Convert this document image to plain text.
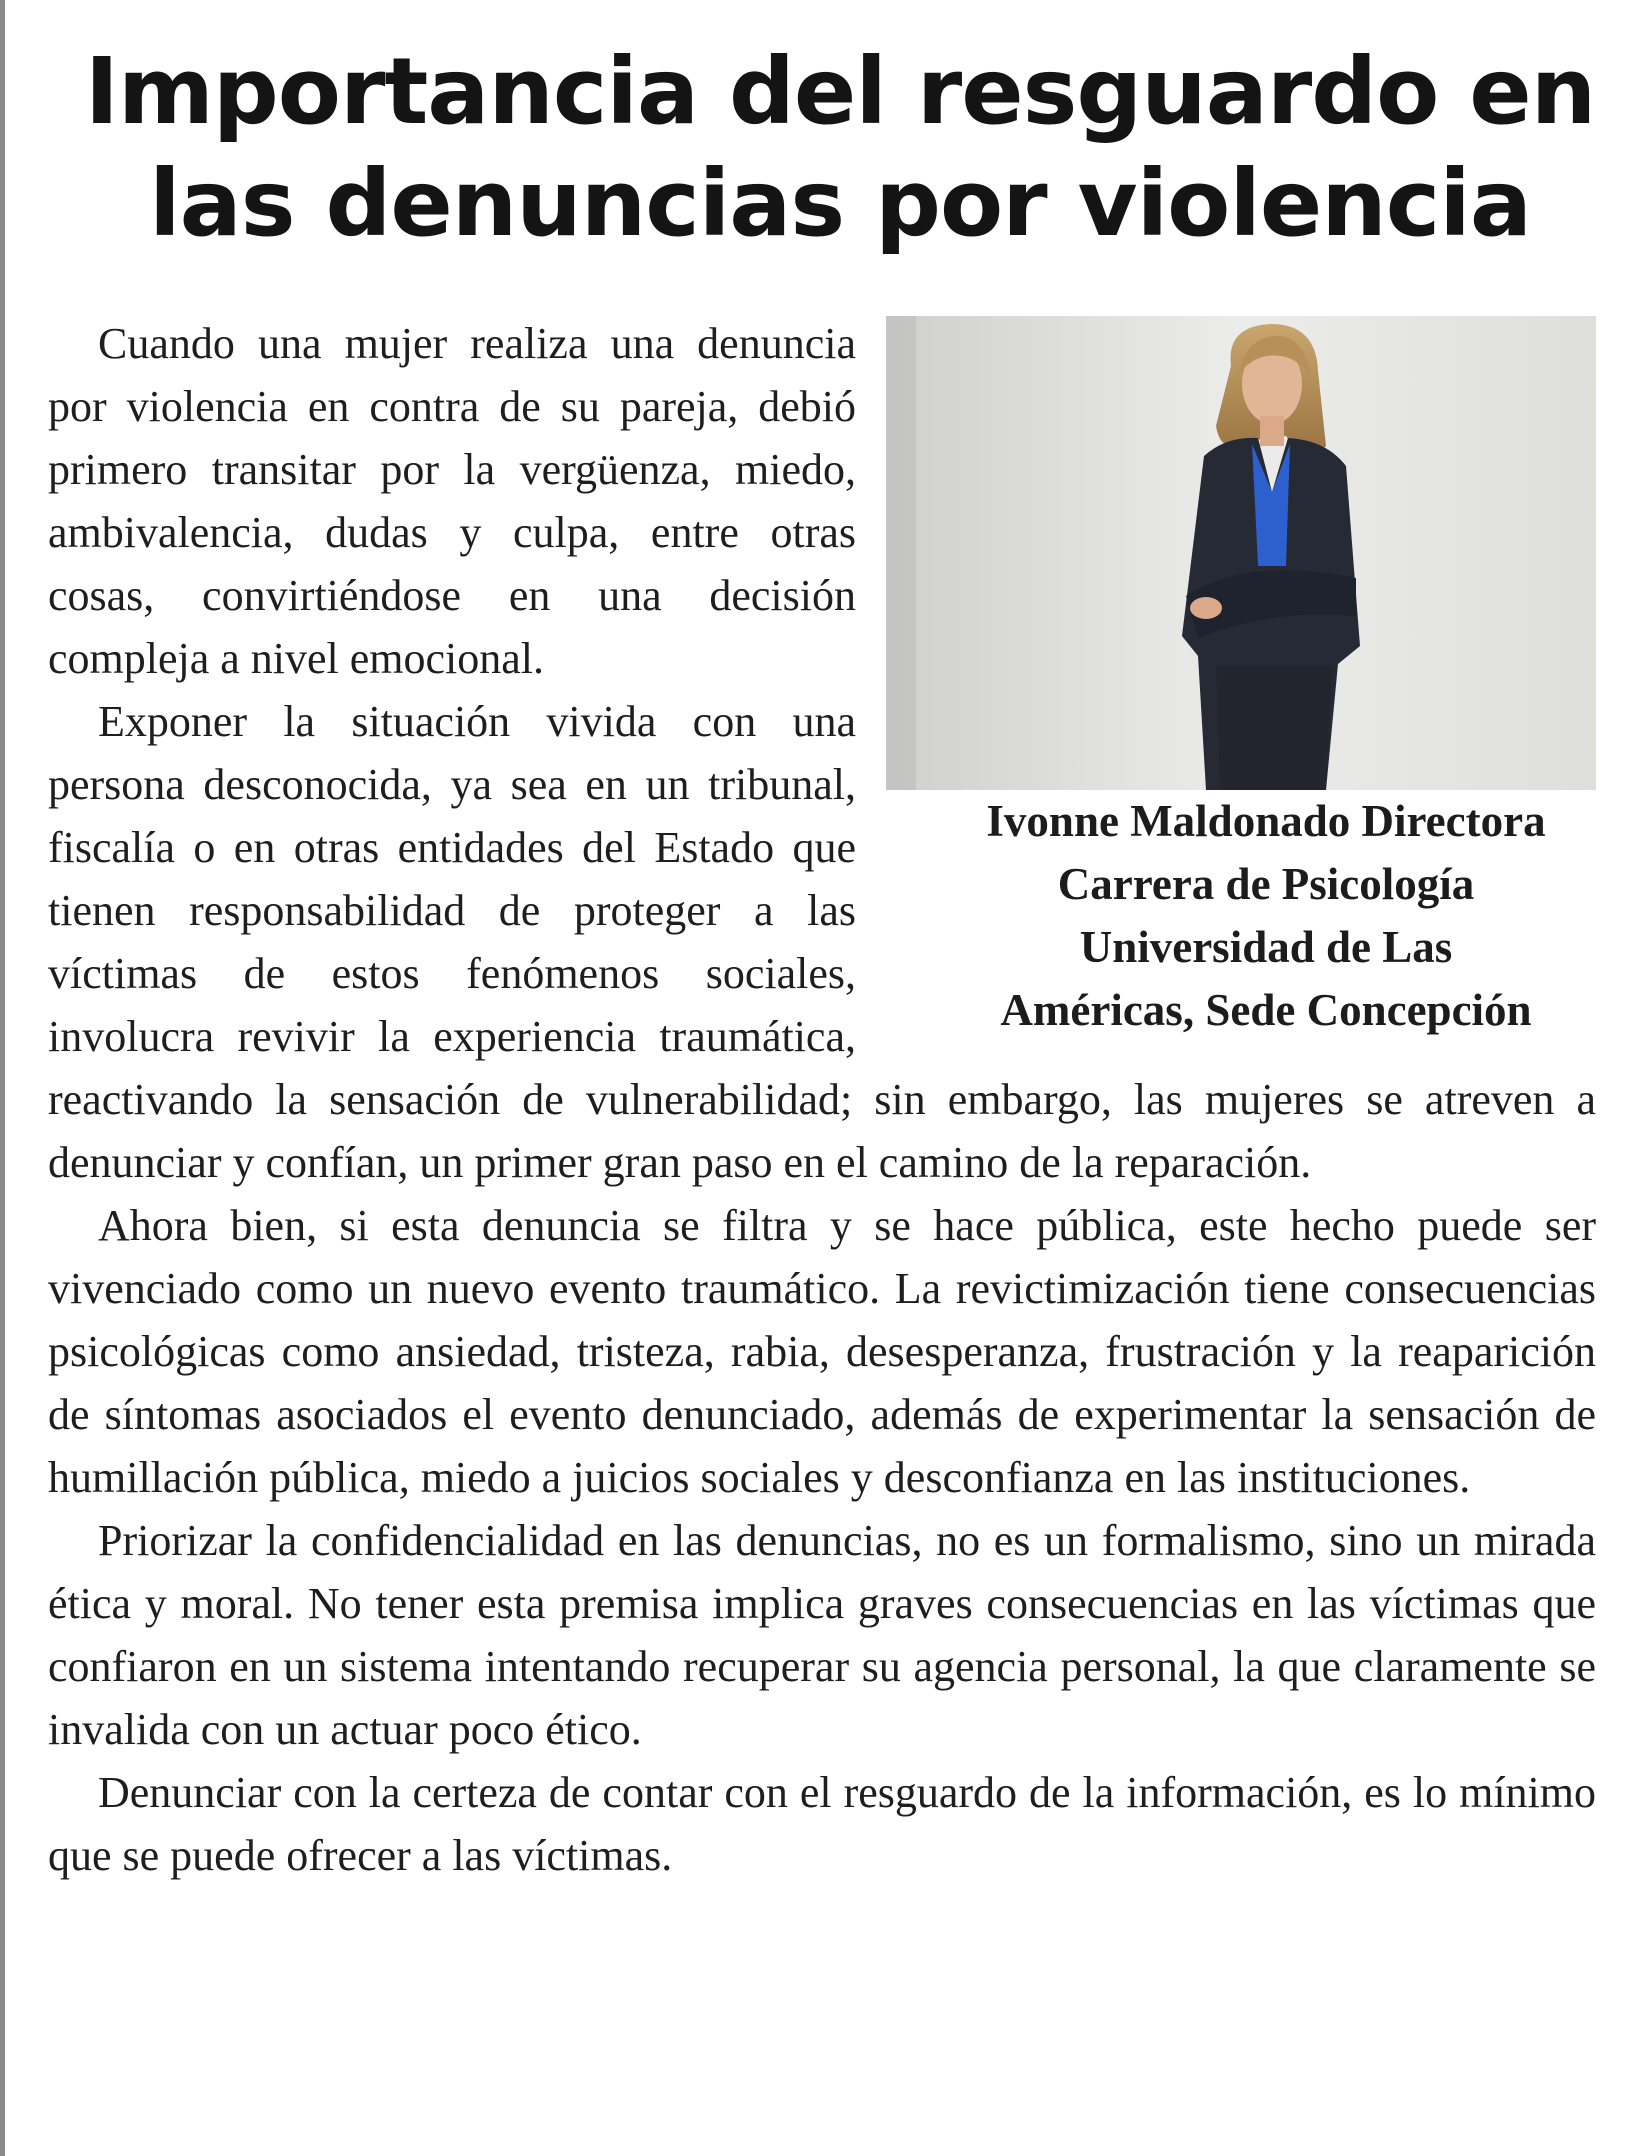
Importancia del resguardo en
las denuncias por violencia

Ivonne Maldonado Directora
Carrera de Psicología
Universidad de Las
Américas, Sede Concepción

Cuando una mujer realiza una denuncia por violencia en contra de su pareja, debió primero transitar por la vergüenza, miedo, ambivalencia, dudas y culpa, entre otras cosas, convirtiéndose en una decisión compleja a nivel emocional.

Exponer la situación vivida con una persona desconocida, ya sea en un tribunal, fiscalía o en otras entidades del Estado que tienen responsabilidad de proteger a las víctimas de estos fenómenos sociales, involucra revivir la experiencia traumática, reactivando la sensación de vulnerabilidad; sin embargo, las mujeres se atreven a denunciar y confían, un primer gran paso en el camino de la reparación.

Ahora bien, si esta denuncia se filtra y se hace pública, este hecho puede ser vivenciado como un nuevo evento traumático. La revictimización tiene consecuencias psicológicas como ansiedad, tristeza, rabia, desesperanza, frustración y la reaparición de síntomas asociados el evento denunciado, además de experimentar la sensación de humillación pública, miedo a juicios sociales y desconfianza en las instituciones.

Priorizar la confidencialidad en las denuncias, no es un formalismo, sino un mirada ética y moral. No tener esta premisa implica graves consecuencias en las víctimas que confiaron en un sistema intentando recuperar su agencia personal, la que claramente se invalida con un actuar poco ético.

Denunciar con la certeza de contar con el resguardo de la información, es lo mínimo que se puede ofrecer a las víctimas.
